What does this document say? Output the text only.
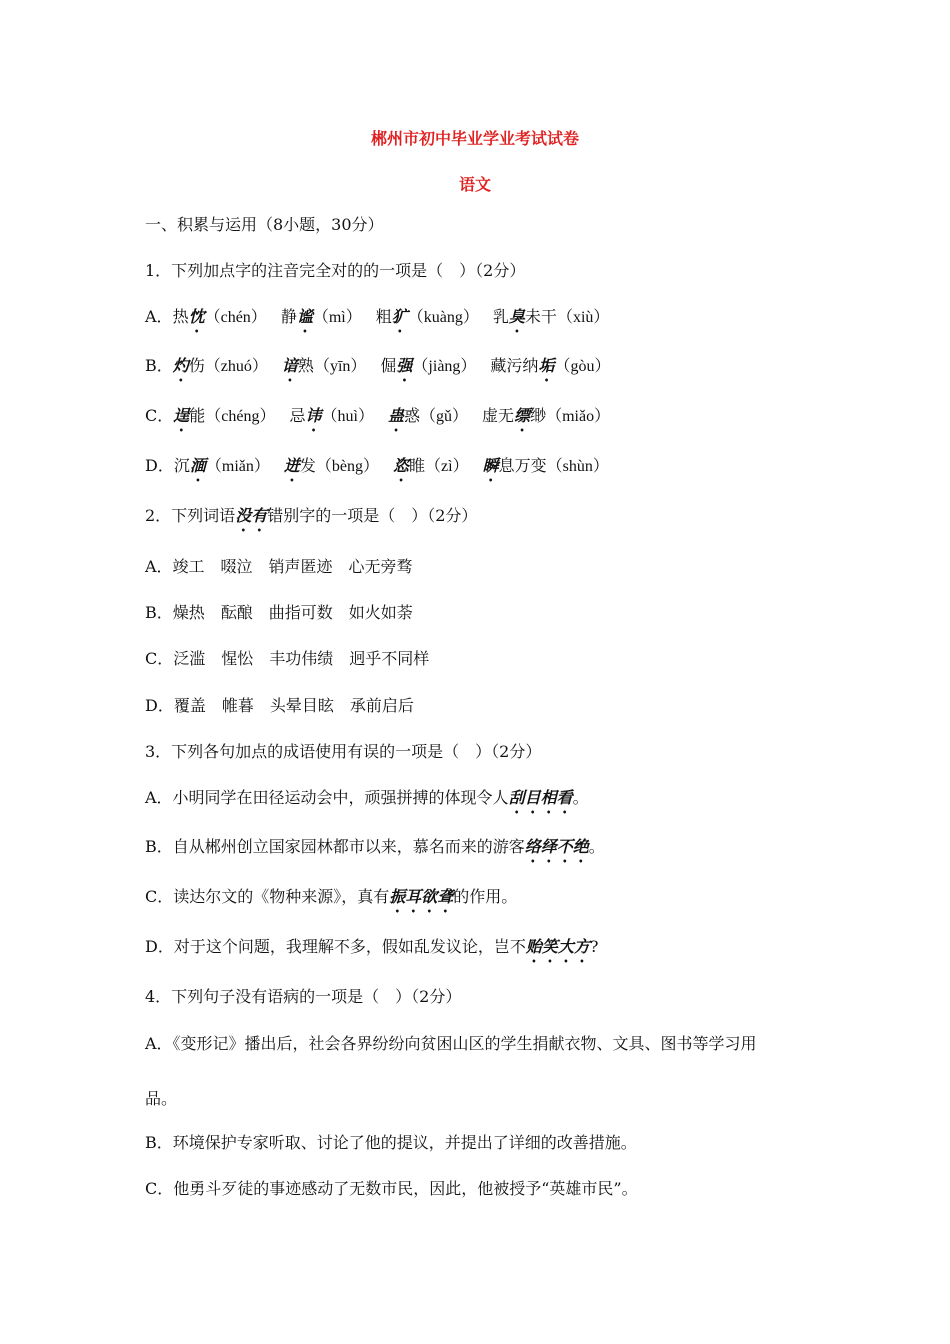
郴州市初中毕业学业考试试卷
语文
一、积累与运用（8小题，30分）
1．下列加点字的注音完全对的的一项是（　）（2分）
A．热忱（chén） 静谧（mì） 粗犷（kuàng） 乳臭未干（xiù）
B．灼伤（zhuó） 谙熟（yīn） 倔强（jiàng） 藏污纳垢（gòu）
C．逞能（chéng） 忌讳（huì） 蛊惑（gǔ） 虚无缥缈（miǎo）
D．沉湎（miǎn） 迸发（bèng） 恣睢（zì） 瞬息万变（shùn）
2．下列词语没有错别字的一项是（　）（2分）
A．竣工　啜泣　销声匿迹　心无旁骛
B．燥热　酝酿　曲指可数　如火如荼
C．泛滥　惺忪　丰功伟绩　迥乎不同样
D．覆盖　帷暮　头晕目眩　承前启后
3．下列各句加点的成语使用有误的一项是（　）（2分）
A．小明同学在田径运动会中，顽强拼搏的体现令人刮目相看。
B．自从郴州创立国家园林都市以来，慕名而来的游客络绎不绝。
C．读达尔文的《物种来源》，真有振耳欲聋的作用。
D．对于这个问题，我理解不多，假如乱发议论，岂不贻笑大方?
4．下列句子没有语病的一项是（　）（2分）
A．《变形记》播出后，社会各界纷纷向贫困山区的学生捐献衣物、文具、图书等学习用
品。
B．环境保护专家听取、讨论了他的提议，并提出了详细的改善措施。
C．他勇斗歹徒的事迹感动了无数市民，因此，他被授予“英雄市民”。
